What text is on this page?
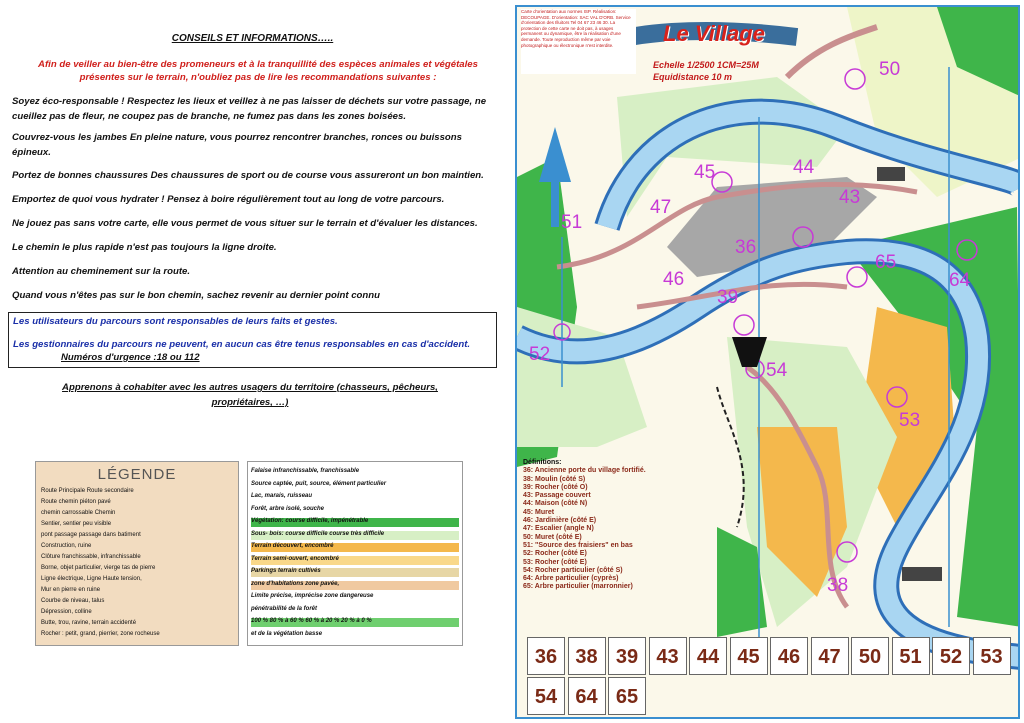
CONSEILS ET INFORMATIONS…..
Afin de veiller au bien-être des promeneurs et à la tranquillité des espèces animales et végétales présentes sur le terrain, n'oubliez pas de lire les recommandations suivantes :

Soyez éco-responsable ! Respectez les lieux et veillez à ne pas laisser de déchets sur votre passage, ne cueillez pas de fleur, ne coupez pas de branche, ne fumez pas dans les zones boisées.

Couvrez-vous les jambes En pleine nature, vous pourrez rencontrer branches, ronces ou buissons épineux.

Portez de bonnes chaussures Des chaussures de sport ou de course vous assureront un bon maintien.

Emportez de quoi vous hydrater ! Pensez à boire régulièrement tout au long de votre parcours.

Ne jouez pas sans votre carte, elle vous permet de vous situer sur le terrain et d'évaluer les distances.

Le chemin le plus rapide n'est pas toujours la ligne droite.

Attention au cheminement sur la route.

Quand vous n'êtes pas sur le bon chemin, sachez revenir au dernier point connu

Les utilisateurs du parcours sont responsables de leurs faits et gestes.
Les gestionnaires du parcours ne peuvent, en aucun cas être tenus responsables en cas d'accident.
Numéros d'urgence :18 ou 112
Apprenons à cohabiter avec les autres usagers du territoire (chasseurs, pêcheurs, propriétaires, …)
LÉGENDE
Route Principale Route secondaire
Route chemin piéton pavé
chemin carrossable Chemin
Sentier, sentier peu visible
pont passage passage dans batiment
Construction, ruine
Clôture franchissable, infranchissable
Borne, objet particulier, vierge tas de pierre
Ligne électrique, Ligne Haute tension,
Mur en pierre en ruine
Courbe de niveau, talus
Dépression, colline
Butte, trou, ravine, terrain accidenté
Rocher : petit, grand, pierrier, zone rocheuse
Falaise infranchissable, franchissable
Source captée, puit, source, élément particulier
Lac, marais, ruisseau
Forêt, arbre isolé, souche
Végétation: course difficile, impénétrable
Sous- bois: course difficile course très difficile
Terrain découvert, encombré
Terrain semi-ouvert, encombré
Parkings terrain cultivés
zone d'habitations zone pavée,
Limite précise, imprécise zone dangereuse
pénétrabilité de la forêt
100 % 80 % à 60 % 60 % à 20 % 20 % à 0 %
et de la végétation basse
Carte d'orientation aux normes ISP. Réalisation: DECOUPAGE. D'orientation: SAC VAL D'ORB. Service d'orientation des Illuitors Tel 04 67 23 46 30. La protection de cette carte ne doit pas, à usages permanent ou dynamique, être la réalisation d'une demande. Toute reproduction même par voie photographique ou électronique n'est interdite.	Le Village
Echelle 1/2500 1CM=25M
Equidistance 10 m	50
45	44
47	43
51
36
65
64
46
39
52
54
53
38
Définitions:
36: Ancienne porte du village fortifié.
38: Moulin (côté S)
39: Rocher (côté O)
43: Passage couvert
44: Maison (côté N)
45: Muret
46: Jardinière (côté E)
47: Escalier (angle N)
50: Muret (côté E)
51: "Source des fraisiers" en bas
52: Rocher (côté E)
53: Rocher (côté E)
54: Rocher particulier (côté S)
64: Arbre particulier (cyprès)
65: Arbre particulier (marronnier)
36 38 39 43 44 45 46 47 50 51 52 53
54 64 65
